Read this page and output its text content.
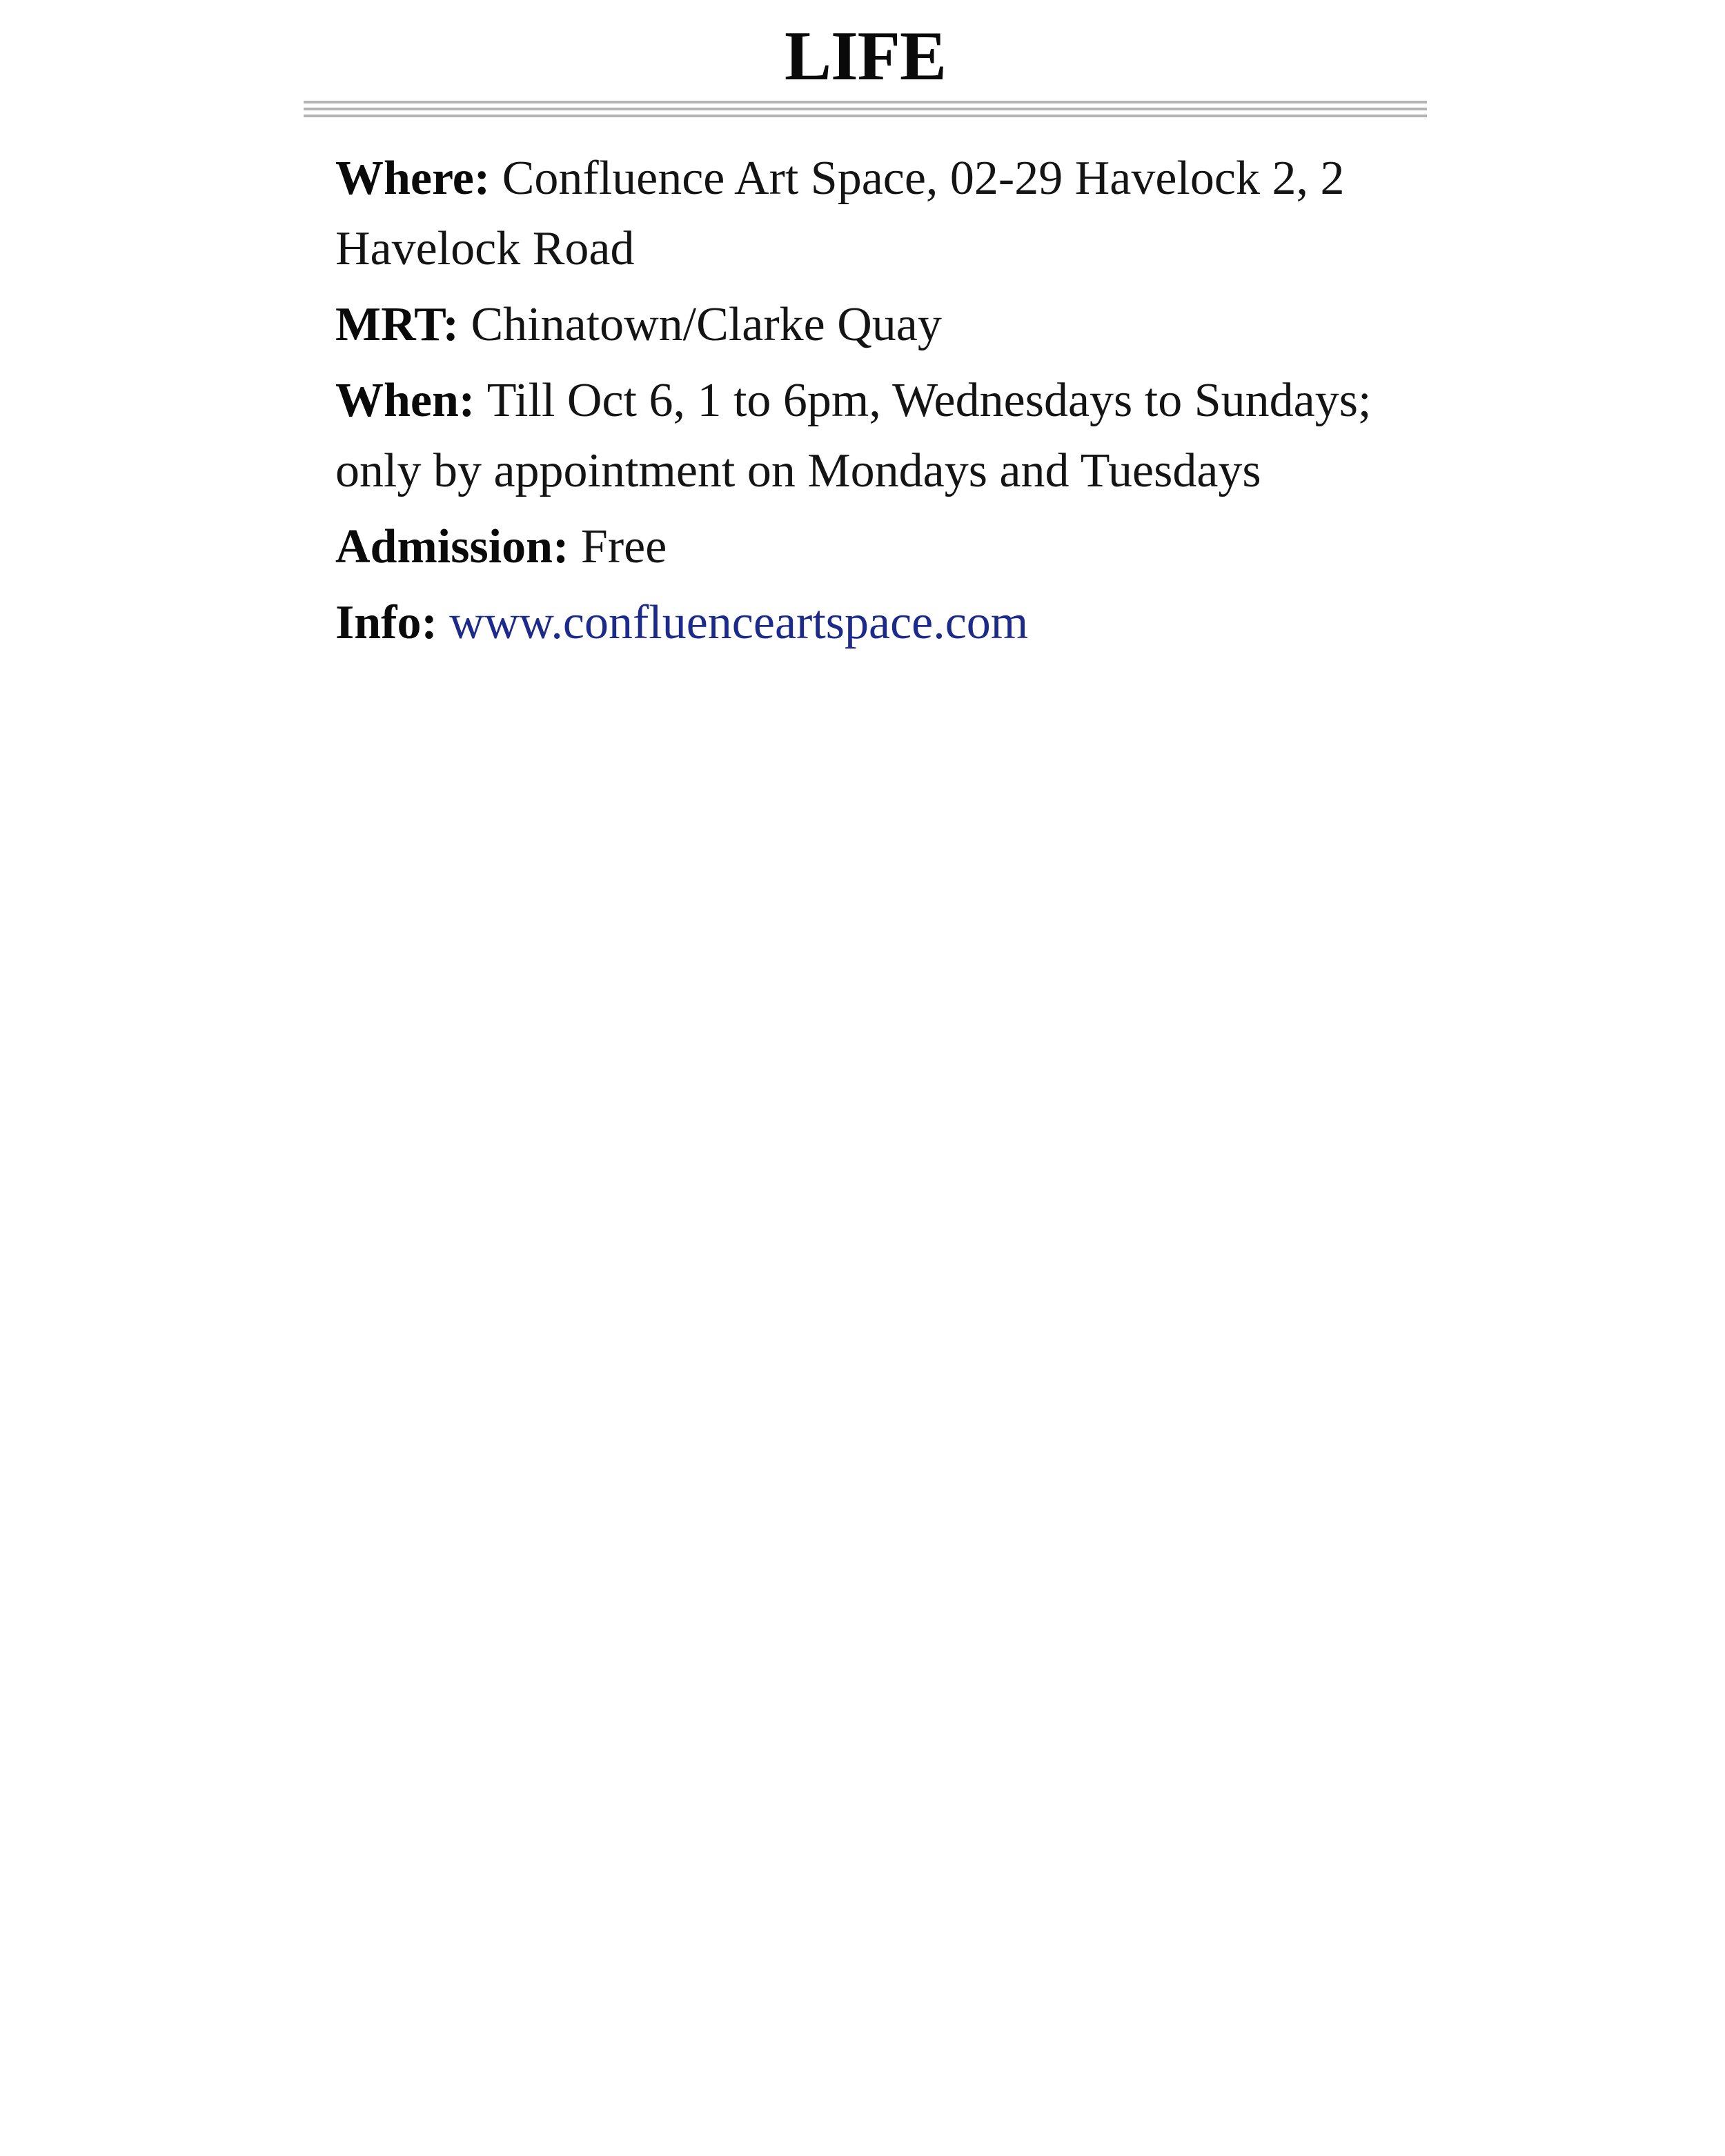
LIFE
Where: Confluence Art Space, 02-29 Havelock 2, 2 Havelock Road
MRT: Chinatown/Clarke Quay
When: Till Oct 6, 1 to 6pm, Wednesdays to Sundays; only by appointment on Mondays and Tuesdays
Admission: Free
Info: www.confluenceartspace.com
